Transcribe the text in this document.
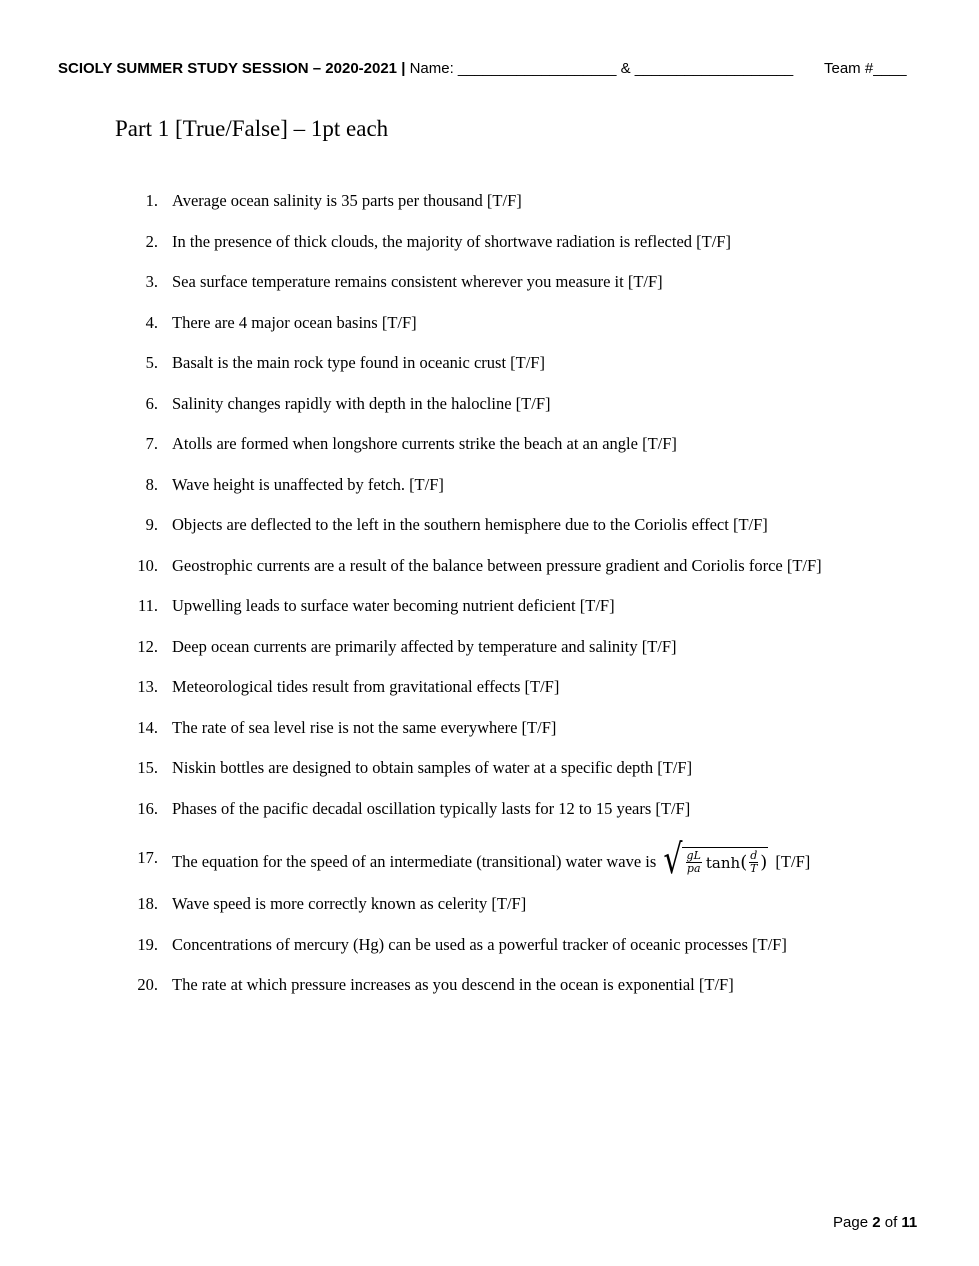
SCIOLY SUMMER STUDY SESSION – 2020-2021 | Name: ___________________ & ___________________ Team #____
Part 1 [True/False] – 1pt each
1. Average ocean salinity is 35 parts per thousand [T/F]
2. In the presence of thick clouds, the majority of shortwave radiation is reflected [T/F]
3. Sea surface temperature remains consistent wherever you measure it [T/F]
4. There are 4 major ocean basins [T/F]
5. Basalt is the main rock type found in oceanic crust [T/F]
6. Salinity changes rapidly with depth in the halocline [T/F]
7. Atolls are formed when longshore currents strike the beach at an angle [T/F]
8. Wave height is unaffected by fetch. [T/F]
9. Objects are deflected to the left in the southern hemisphere due to the Coriolis effect [T/F]
10. Geostrophic currents are a result of the balance between pressure gradient and Coriolis force [T/F]
11. Upwelling leads to surface water becoming nutrient deficient [T/F]
12. Deep ocean currents are primarily affected by temperature and salinity [T/F]
13. Meteorological tides result from gravitational effects [T/F]
14. The rate of sea level rise is not the same everywhere [T/F]
15. Niskin bottles are designed to obtain samples of water at a specific depth [T/F]
16. Phases of the pacific decadal oscillation typically lasts for 12 to 15 years [T/F]
17. The equation for the speed of an intermediate (transitional) water wave is √ $\frac{gL}{pa}$ tanh ( $\frac{d}{T}$ ) [T/F]
18. Wave speed is more correctly known as celerity [T/F]
19. Concentrations of mercury (Hg) can be used as a powerful tracker of oceanic processes [T/F]
20. The rate at which pressure increases as you descend in the ocean is exponential [T/F]
Page 2 of 11
